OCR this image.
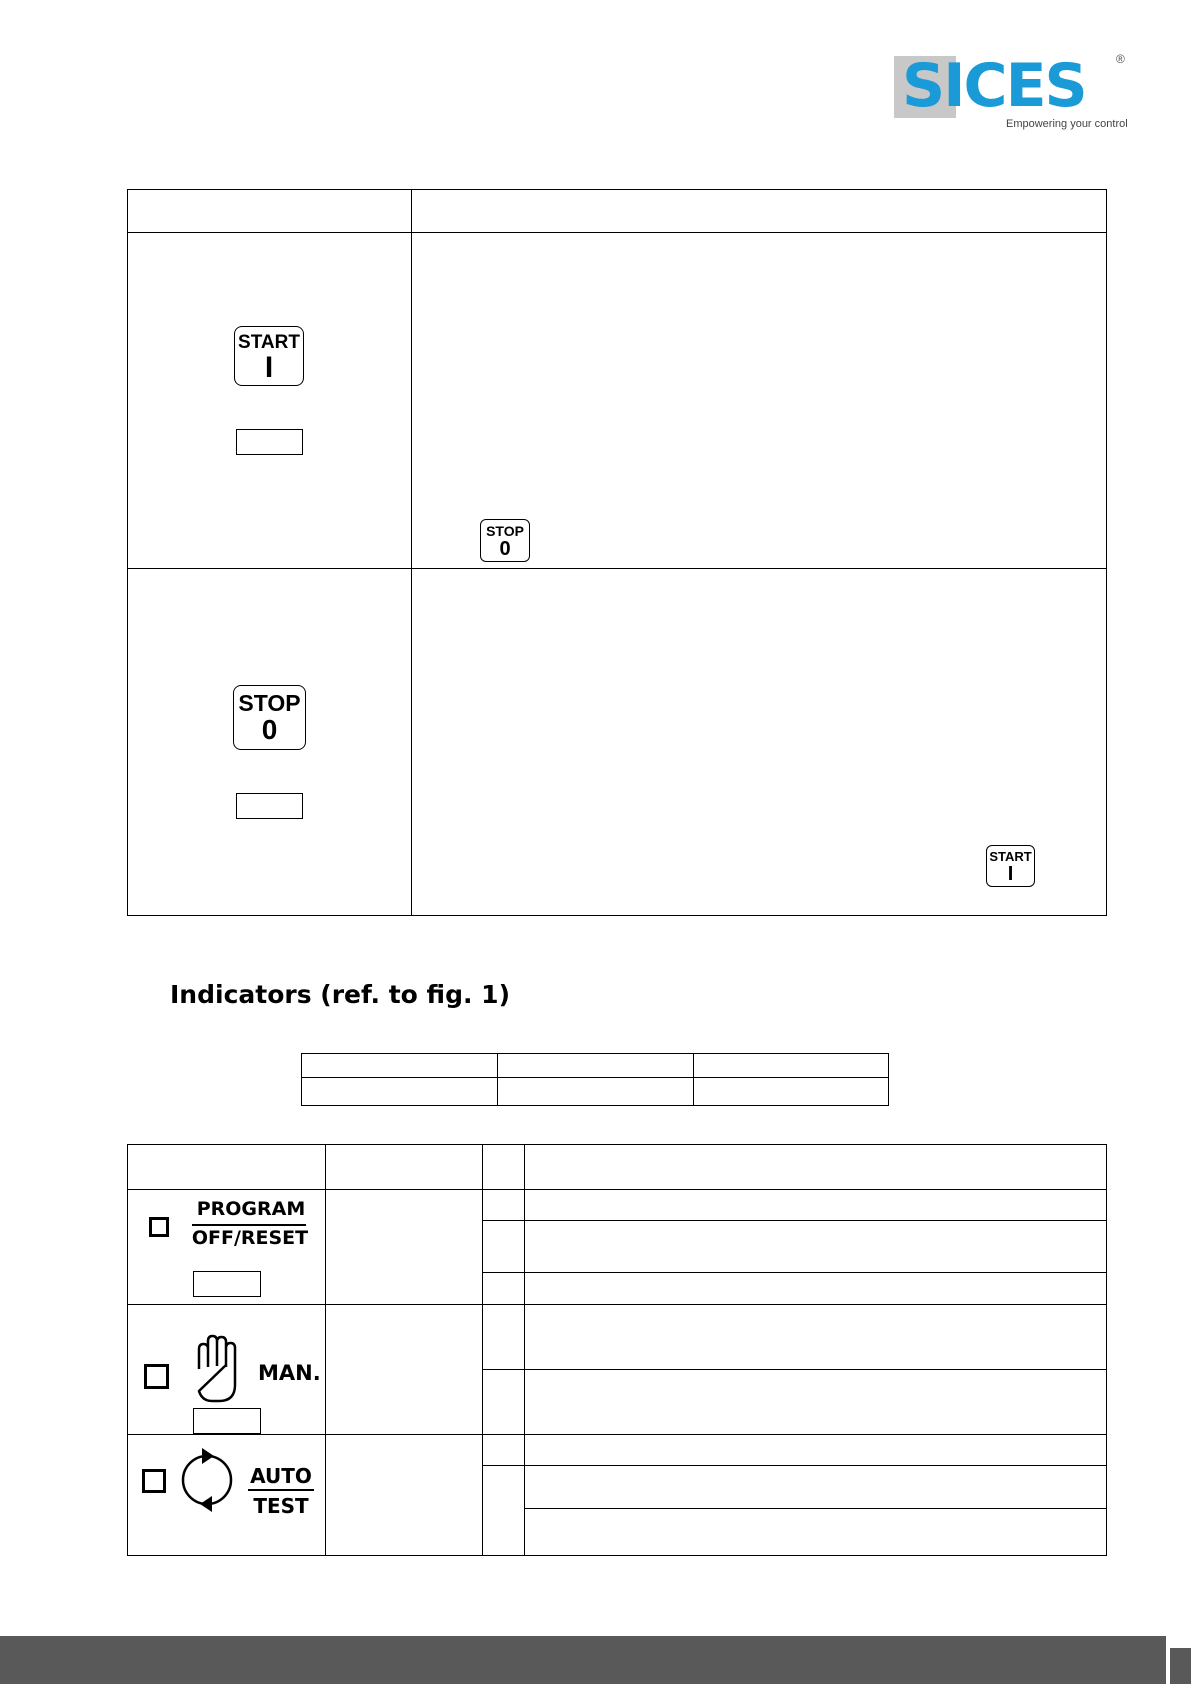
SICES	®
Empowering your control
START
I
STOP
0
STOP
0
START
I
Indicators (ref. to fig. 1)
PROGRAM
OFF/RESET
MAN.
AUTO
TEST
